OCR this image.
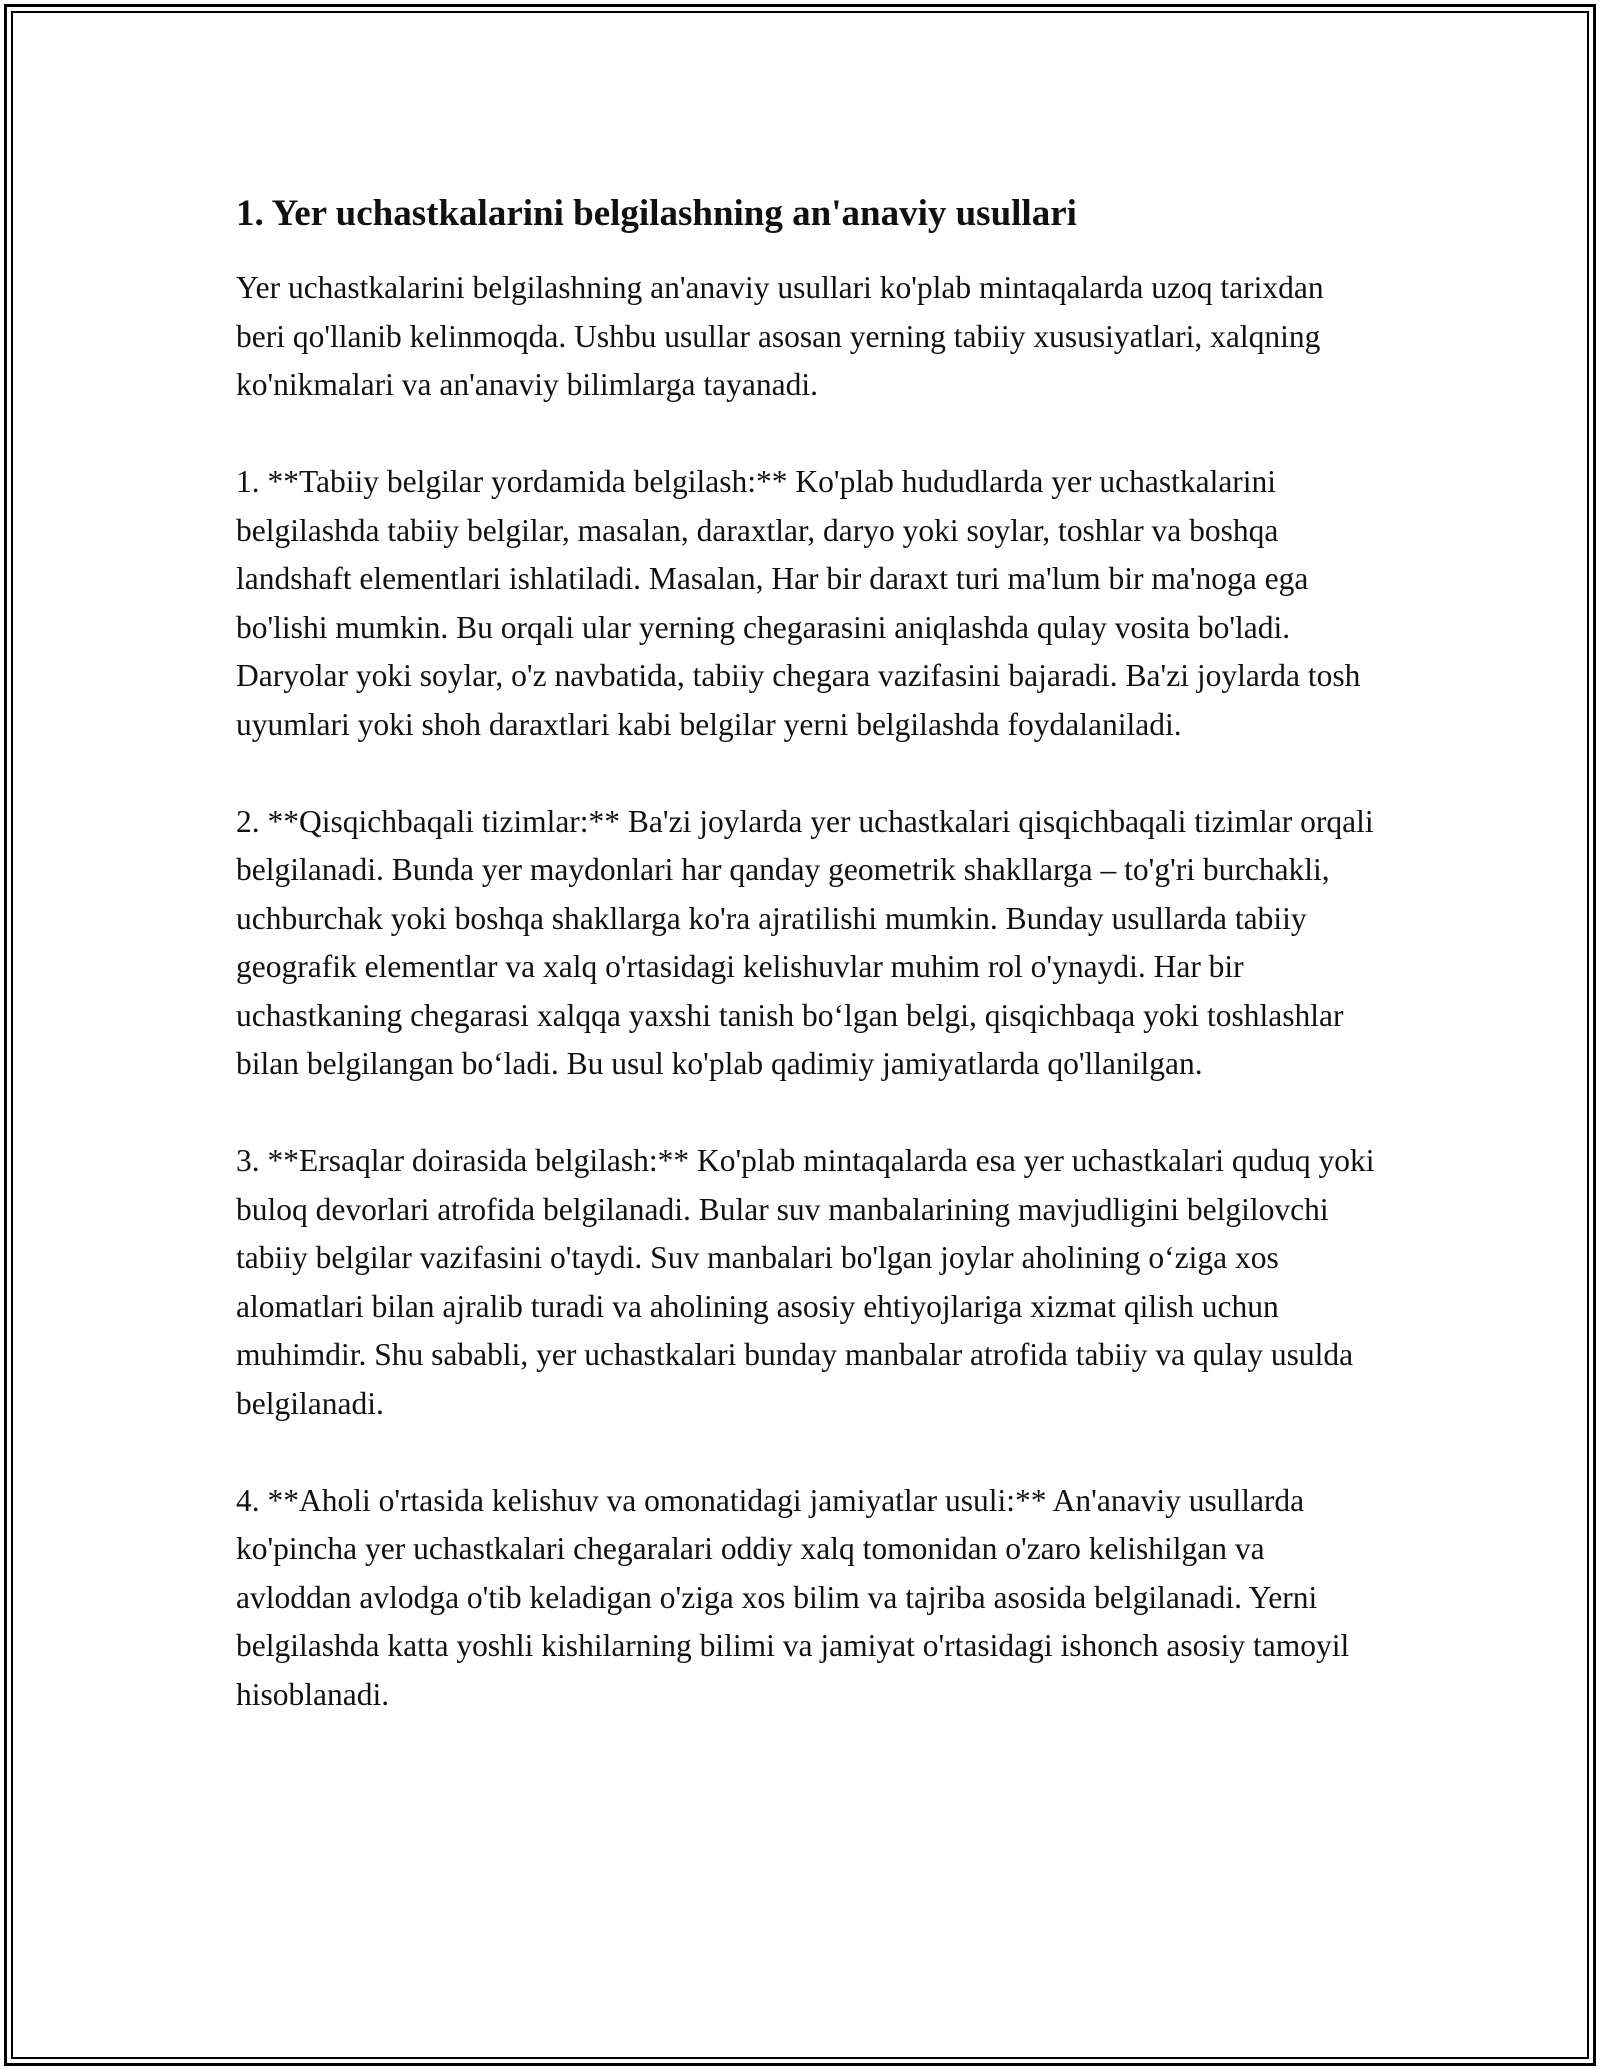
1. Yer uchastkalarini belgilashning an'anaviy usullari

Yer uchastkalarini belgilashning an'anaviy usullari ko'plab mintaqalarda uzoq tarixdan beri qo'llanib kelinmoqda. Ushbu usullar asosan yerning tabiiy xususiyatlari, xalqning ko'nikmalari va an'anaviy bilimlarga tayanadi.

1. **Tabiiy belgilar yordamida belgilash:** Ko'plab hududlarda yer uchastkalarini belgilashda tabiiy belgilar, masalan, daraxtlar, daryo yoki soylar, toshlar va boshqa landshaft elementlari ishlatiladi. Masalan, Har bir daraxt turi ma'lum bir ma'noga ega bo'lishi mumkin. Bu orqali ular yerning chegarasini aniqlashda qulay vosita bo'ladi. Daryolar yoki soylar, o'z navbatida, tabiiy chegara vazifasini bajaradi. Ba'zi joylarda tosh uyumlari yoki shoh daraxtlari kabi belgilar yerni belgilashda foydalaniladi.

2. **Qisqichbaqali tizimlar:** Ba'zi joylarda yer uchastkalari qisqichbaqali tizimlar orqali belgilanadi. Bunda yer maydonlari har qanday geometrik shakllarga – to'g'ri burchakli, uchburchak yoki boshqa shakllarga ko'ra ajratilishi mumkin. Bunday usullarda tabiiy geografik elementlar va xalq o'rtasidagi kelishuvlar muhim rol o'ynaydi. Har bir uchastkaning chegarasi xalqqa yaxshi tanish bo‘lgan belgi, qisqichbaqa yoki toshlashlar bilan belgilangan bo‘ladi. Bu usul ko'plab qadimiy jamiyatlarda qo'llanilgan.

3. **Ersaqlar doirasida belgilash:** Ko'plab mintaqalarda esa yer uchastkalari quduq yoki buloq devorlari atrofida belgilanadi. Bular suv manbalarining mavjudligini belgilovchi tabiiy belgilar vazifasini o'taydi. Suv manbalari bo'lgan joylar aholining o‘ziga xos alomatlari bilan ajralib turadi va aholining asosiy ehtiyojlariga xizmat qilish uchun muhimdir. Shu sababli, yer uchastkalari bunday manbalar atrofida tabiiy va qulay usulda belgilanadi.

4. **Aholi o'rtasida kelishuv va omonatidagi jamiyatlar usuli:** An'anaviy usullarda ko'pincha yer uchastkalari chegaralari oddiy xalq tomonidan o'zaro kelishilgan va avloddan avlodga o'tib keladigan o'ziga xos bilim va tajriba asosida belgilanadi. Yerni belgilashda katta yoshli kishilarning bilimi va jamiyat o'rtasidagi ishonch asosiy tamoyil hisoblanadi.
